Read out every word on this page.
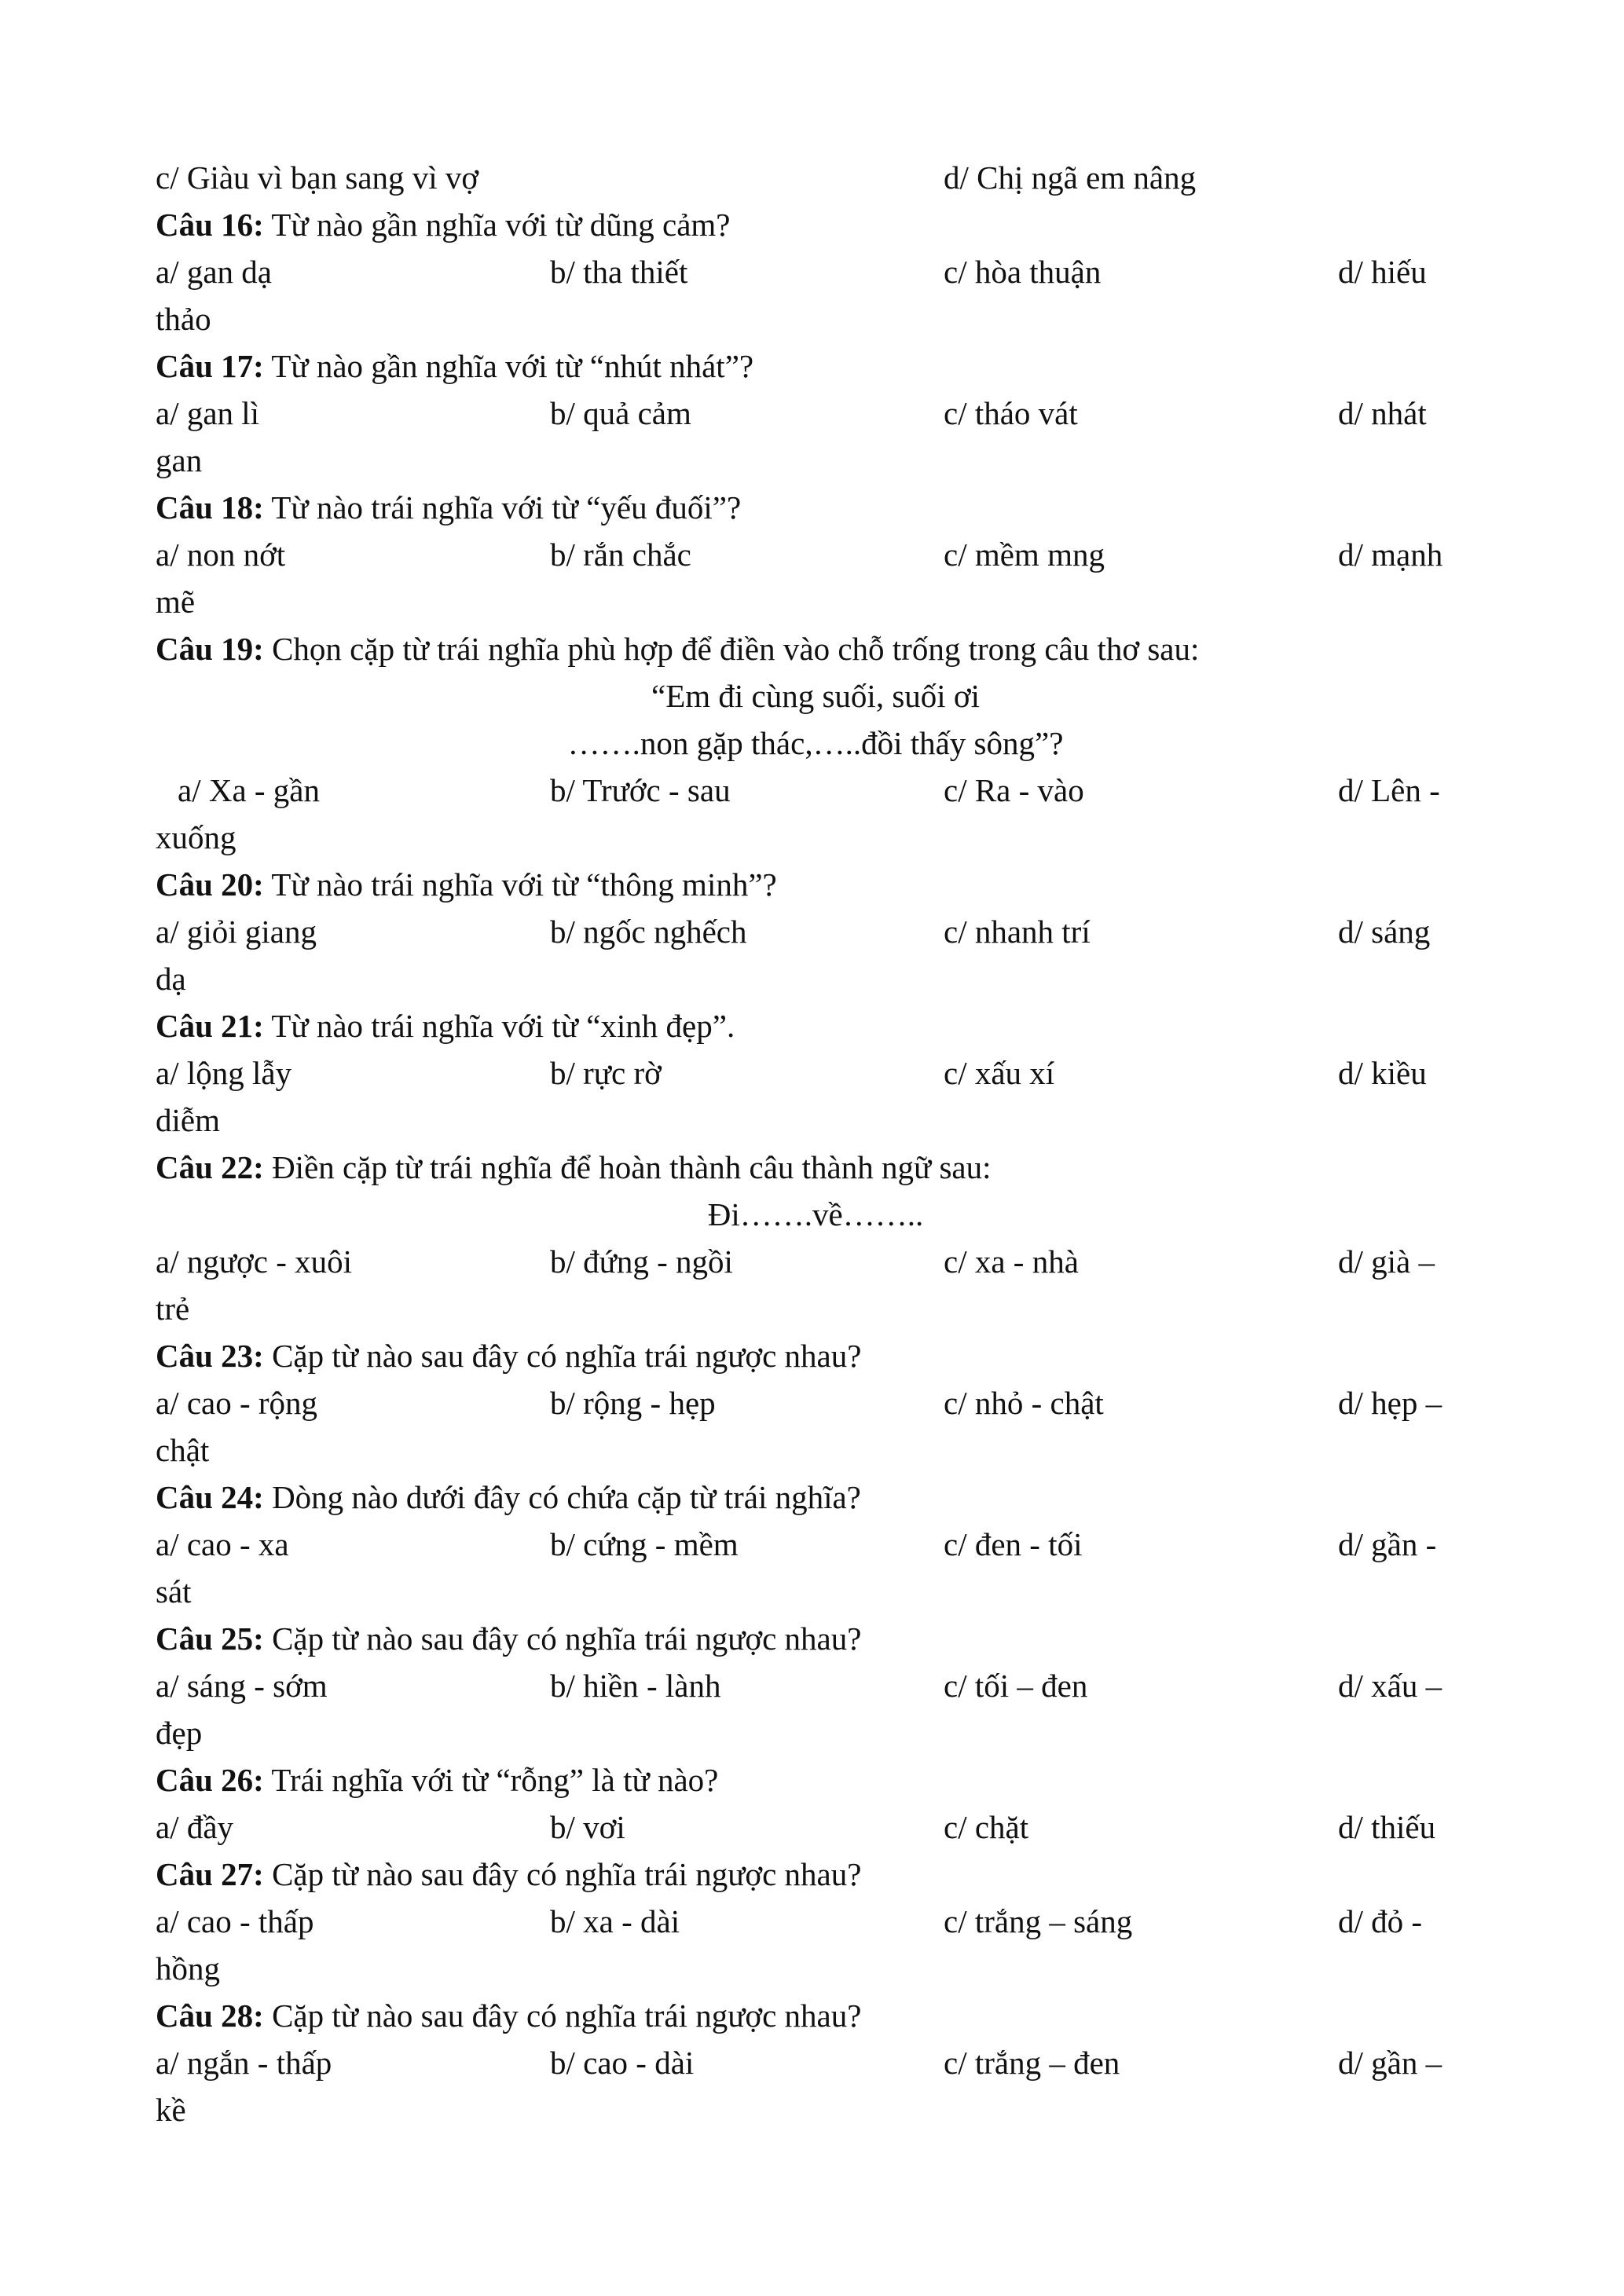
c/ Giàu vì bạn sang vì vợ	d/ Chị ngã em nâng
Câu 16: Từ nào gần nghĩa với từ dũng cảm?
a/ gan dạ	b/ tha thiết	c/ hòa thuận	d/ hiếu
thảo
Câu 17: Từ nào gần nghĩa với từ “nhút nhát”?
a/ gan lì	b/ quả cảm	c/ tháo vát	d/ nhát
gan
Câu 18: Từ nào trái nghĩa với từ “yếu đuối”?
a/ non nớt	b/ rắn chắc	c/ mềm mng	d/ mạnh
mẽ
Câu 19: Chọn cặp từ trái nghĩa phù hợp để điền vào chỗ trống trong câu thơ sau:
“Em đi cùng suối, suối ơi
…….non gặp thác,…..đồi thấy sông”?
a/ Xa - gần	b/ Trước - sau	c/ Ra - vào	d/ Lên -
xuống
Câu 20: Từ nào trái nghĩa với từ “thông minh”?
a/ giỏi giang	b/ ngốc nghếch	c/ nhanh trí	d/ sáng
dạ
Câu 21: Từ nào trái nghĩa với từ “xinh đẹp”.
a/ lộng lẫy	b/ rực rờ	c/ xấu xí	d/ kiều
diễm
Câu 22: Điền cặp từ trái nghĩa để hoàn thành câu thành ngữ sau:
Đi…….về……..
a/ ngược - xuôi	b/ đứng - ngồi	c/ xa - nhà	d/ già –
trẻ
Câu 23: Cặp từ nào sau đây có nghĩa trái ngược nhau?
a/ cao - rộng	b/ rộng - hẹp	c/ nhỏ - chật	d/ hẹp –
chật
Câu 24: Dòng nào dưới đây có chứa cặp từ trái nghĩa?
a/ cao - xa	b/ cứng - mềm	c/ đen - tối	d/ gần -
sát
Câu 25: Cặp từ nào sau đây có nghĩa trái ngược nhau?
a/ sáng - sớm	b/ hiền - lành	c/ tối – đen	d/ xấu –
đẹp
Câu 26: Trái nghĩa với từ “rỗng” là từ nào?
a/ đầy	b/ vơi	c/ chặt	d/ thiếu
Câu 27: Cặp từ nào sau đây có nghĩa trái ngược nhau?
a/ cao - thấp	b/ xa - dài	c/ trắng – sáng	d/ đỏ -
hồng
Câu 28: Cặp từ nào sau đây có nghĩa trái ngược nhau?
a/ ngắn - thấp	b/ cao - dài	c/ trắng – đen	d/ gần –
kề
